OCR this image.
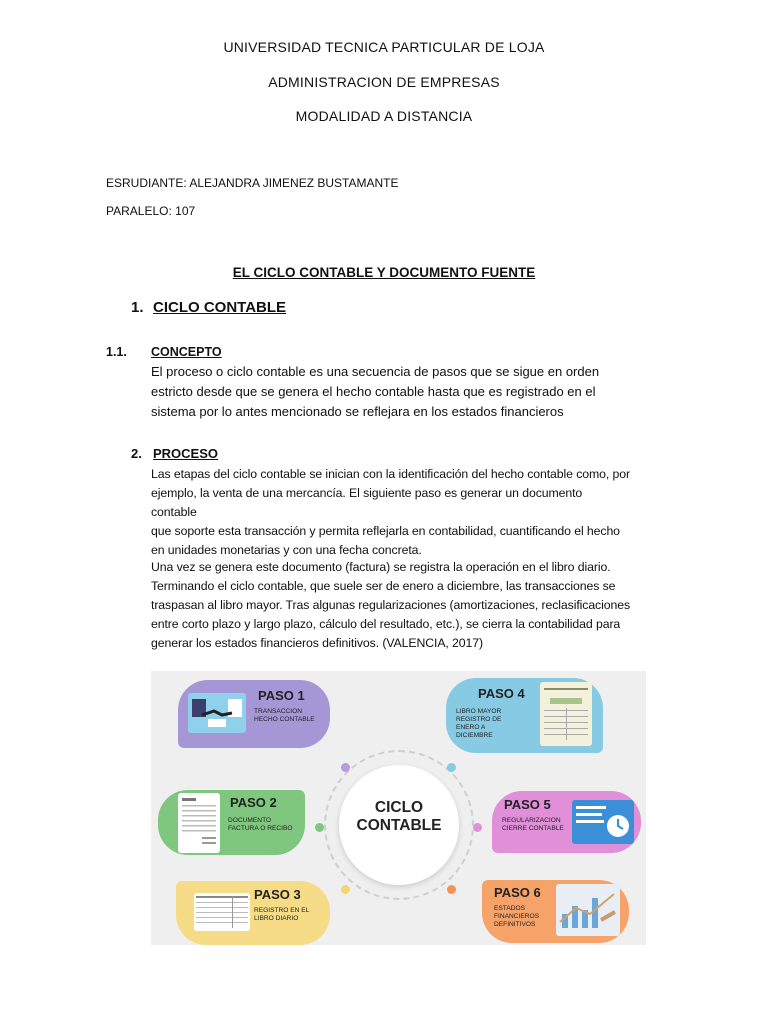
UNIVERSIDAD TECNICA PARTICULAR DE LOJA
ADMINISTRACION DE EMPRESAS
MODALIDAD A DISTANCIA
ESRUDIANTE: ALEJANDRA JIMENEZ BUSTAMANTE
PARALELO: 107
EL CICLO CONTABLE Y DOCUMENTO FUENTE
1. CICLO CONTABLE
1.1. CONCEPTO
El proceso o ciclo contable es una secuencia de pasos que se sigue en orden
estricto desde que se genera el hecho contable hasta que es registrado en el
sistema por lo antes mencionado se reflejara en los estados financieros
2. PROCESO
Las etapas del ciclo contable se inician con la identificación del hecho contable como, por
ejemplo, la venta de una mercancía. El siguiente paso es generar un documento contable
que soporte esta transacción y permita reflejarla en contabilidad, cuantificando el hecho
en unidades monetarias y con una fecha concreta.
Una vez se genera este documento (factura) se registra la operación en el libro diario.
Terminando el ciclo contable, que suele ser de enero a diciembre, las transacciones se
traspasan al libro mayor. Tras algunas regularizaciones (amortizaciones, reclasificaciones
entre corto plazo y largo plazo, cálculo del resultado, etc.), se cierra la contabilidad para
generar los estados financieros definitivos. (VALENCIA, 2017)
CICLO
CONTABLE
PASO 1
TRANSACCION
HECHO CONTABLE
PASO 2
DOCUMENTO
FACTURA O RECIBO
PASO 3
REGISTRO EN EL
LIBRO DIARIO
PASO 4
LIBRO MAYOR
REGISTRO DE
ENERO A
DICIEMBRE
PASO 5
REGULARIZACION
CIERRE CONTABLE
PASO 6
ESTADOS
FINANCIEROS
DEFINITIVOS
